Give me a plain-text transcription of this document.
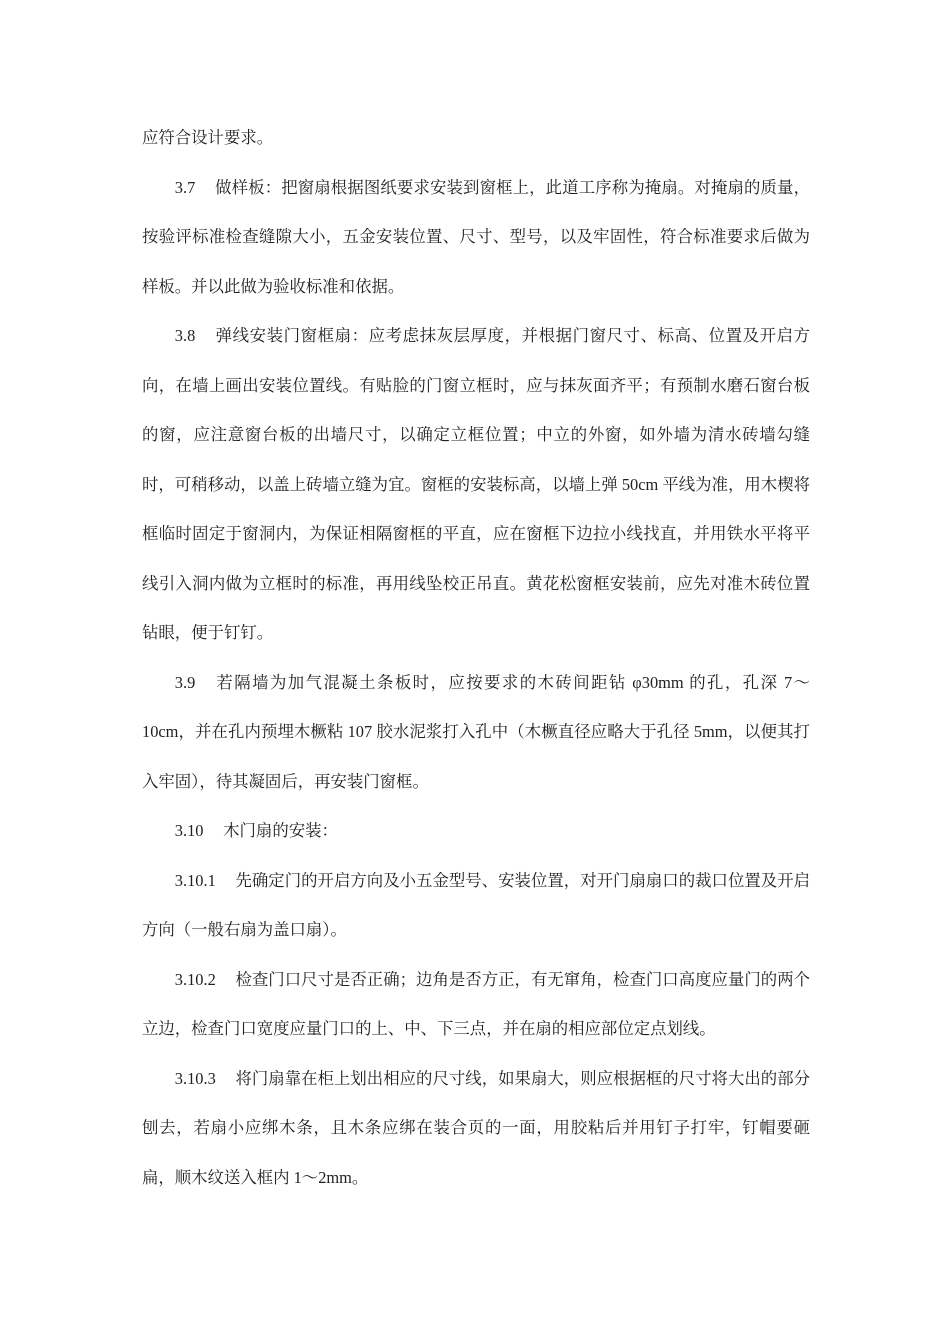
应符合设计要求。

3.7 做样板：把窗扇根据图纸要求安装到窗框上，此道工序称为掩扇。对掩扇的质量，按验评标准检查缝隙大小，五金安装位置、尺寸、型号，以及牢固性，符合标准要求后做为样板。并以此做为验收标准和依据。

3.8 弹线安装门窗框扇：应考虑抹灰层厚度，并根据门窗尺寸、标高、位置及开启方向，在墙上画出安装位置线。有贴脸的门窗立框时，应与抹灰面齐平；有预制水磨石窗台板的窗，应注意窗台板的出墙尺寸，以确定立框位置；中立的外窗，如外墙为清水砖墙勾缝时，可稍移动，以盖上砖墙立缝为宜。窗框的安装标高，以墙上弹 50cm 平线为准，用木楔将框临时固定于窗洞内，为保证相隔窗框的平直，应在窗框下边拉小线找直，并用铁水平将平线引入洞内做为立框时的标准，再用线坠校正吊直。黄花松窗框安装前，应先对准木砖位置钻眼，便于钉钉。

3.9 若隔墙为加气混凝土条板时，应按要求的木砖间距钻 φ30mm 的孔，孔深 7～10cm，并在孔内预埋木橛粘 107 胶水泥浆打入孔中（木橛直径应略大于孔径 5mm，以便其打入牢固），待其凝固后，再安装门窗框。

3.10 木门扇的安装：

3.10.1 先确定门的开启方向及小五金型号、安装位置，对开门扇扇口的裁口位置及开启方向（一般右扇为盖口扇）。

3.10.2 检查门口尺寸是否正确；边角是否方正，有无窜角，检查门口高度应量门的两个立边，检查门口宽度应量门口的上、中、下三点，并在扇的相应部位定点划线。

3.10.3 将门扇靠在柜上划出相应的尺寸线，如果扇大，则应根据框的尺寸将大出的部分刨去，若扇小应绑木条，且木条应绑在装合页的一面，用胶粘后并用钉子打牢，钉帽要砸扁，顺木纹送入框内 1～2mm。
